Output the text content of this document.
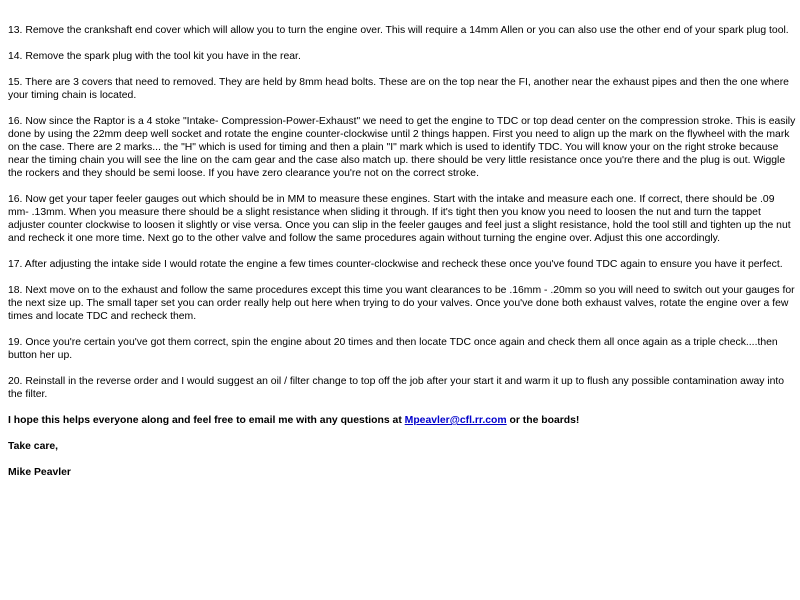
13. Remove the crankshaft end cover which will allow you to turn the engine over. This will require a 14mm Allen or you can also use the other end of your spark plug tool.

14. Remove the spark plug with the tool kit you have in the rear.

15. There are 3 covers that need to removed. They are held by 8mm head bolts. These are on the top near the FI, another near the exhaust pipes and then the one where your timing chain is located.

16. Now since the Raptor is a 4 stoke "Intake- Compression-Power-Exhaust" we need to get the engine to TDC or top dead center on the compression stroke. This is easily done by using the 22mm deep well socket and rotate the engine counter-clockwise until 2 things happen. First you need to align up the mark on the flywheel with the mark on the case. There are 2 marks... the "H" which is used for timing and then a plain "I" mark which is used to identify TDC. You will know your on the right stroke because near the timing chain you will see the line on the cam gear and the case also match up. there should be very little resistance once you're there and the plug is out. Wiggle the rockers and they should be semi loose. If you have zero clearance you're not on the correct stroke.

16. Now get your taper feeler gauges out which should be in MM to measure these engines. Start with the intake and measure each one. If correct, there should be .09 mm- .13mm. When you measure there should be a slight resistance when sliding it through. If it's tight then you know you need to loosen the nut and turn the tappet adjuster counter clockwise to loosen it slightly or vise versa. Once you can slip in the feeler gauges and feel just a slight resistance, hold the tool still and tighten up the nut and recheck it one more time. Next go to the other valve and follow the same procedures again without turning the engine over. Adjust this one accordingly.

17. After adjusting the intake side I would rotate the engine a few times counter-clockwise and recheck these once you've found TDC again to ensure you have it perfect.

18. Next move on to the exhaust and follow the same procedures except this time you want clearances to be .16mm - .20mm so you will need to switch out your gauges for the next size up. The small taper set you can order really help out here when trying to do your valves. Once you've done both exhaust valves, rotate the engine over a few times and locate TDC and recheck them.

19. Once you're certain you've got them correct, spin the engine about 20 times and then locate TDC once again and check them all once again as a triple check....then button her up.

20. Reinstall in the reverse order and I would suggest an oil / filter change to top off the job after your start it and warm it up to flush any possible contamination away into the filter.

I hope this helps everyone along and feel free to email me with any questions at Mpeavler@cfl.rr.com or the boards!

Take care,

Mike Peavler
